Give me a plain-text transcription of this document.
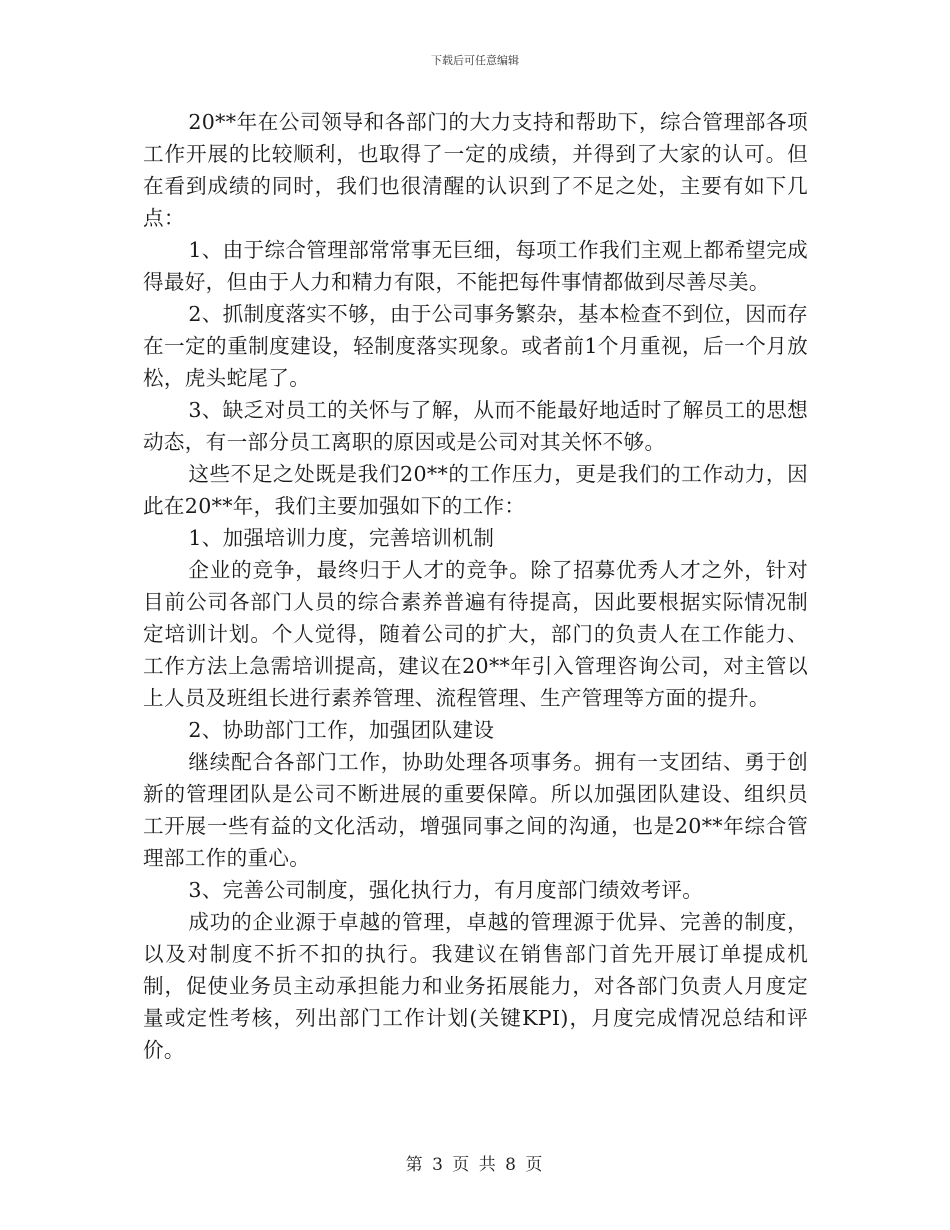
下载后可任意编辑

20**年在公司领导和各部门的大力支持和帮助下，综合管理部各项工作开展的比较顺利，也取得了一定的成绩，并得到了大家的认可。但在看到成绩的同时，我们也很清醒的认识到了不足之处，主要有如下几点：

1、由于综合管理部常常事无巨细，每项工作我们主观上都希望完成得最好，但由于人力和精力有限，不能把每件事情都做到尽善尽美。

2、抓制度落实不够，由于公司事务繁杂，基本检查不到位，因而存在一定的重制度建设，轻制度落实现象。或者前1个月重视，后一个月放松，虎头蛇尾了。

3、缺乏对员工的关怀与了解，从而不能最好地适时了解员工的思想动态，有一部分员工离职的原因或是公司对其关怀不够。

这些不足之处既是我们20**的工作压力，更是我们的工作动力，因此在20**年，我们主要加强如下的工作：

1、加强培训力度，完善培训机制

企业的竞争，最终归于人才的竞争。除了招募优秀人才之外，针对目前公司各部门人员的综合素养普遍有待提高，因此要根据实际情况制定培训计划。个人觉得，随着公司的扩大，部门的负责人在工作能力、工作方法上急需培训提高，建议在20**年引入管理咨询公司，对主管以上人员及班组长进行素养管理、流程管理、生产管理等方面的提升。

2、协助部门工作，加强团队建设

继续配合各部门工作，协助处理各项事务。拥有一支团结、勇于创新的管理团队是公司不断进展的重要保障。所以加强团队建设、组织员工开展一些有益的文化活动，增强同事之间的沟通，也是20**年综合管理部工作的重心。

3、完善公司制度，强化执行力，有月度部门绩效考评。

成功的企业源于卓越的管理，卓越的管理源于优异、完善的制度，以及对制度不折不扣的执行。我建议在销售部门首先开展订单提成机制，促使业务员主动承担能力和业务拓展能力，对各部门负责人月度定量或定性考核，列出部门工作计划(关键KPI)，月度完成情况总结和评价。

第 3 页 共 8 页
